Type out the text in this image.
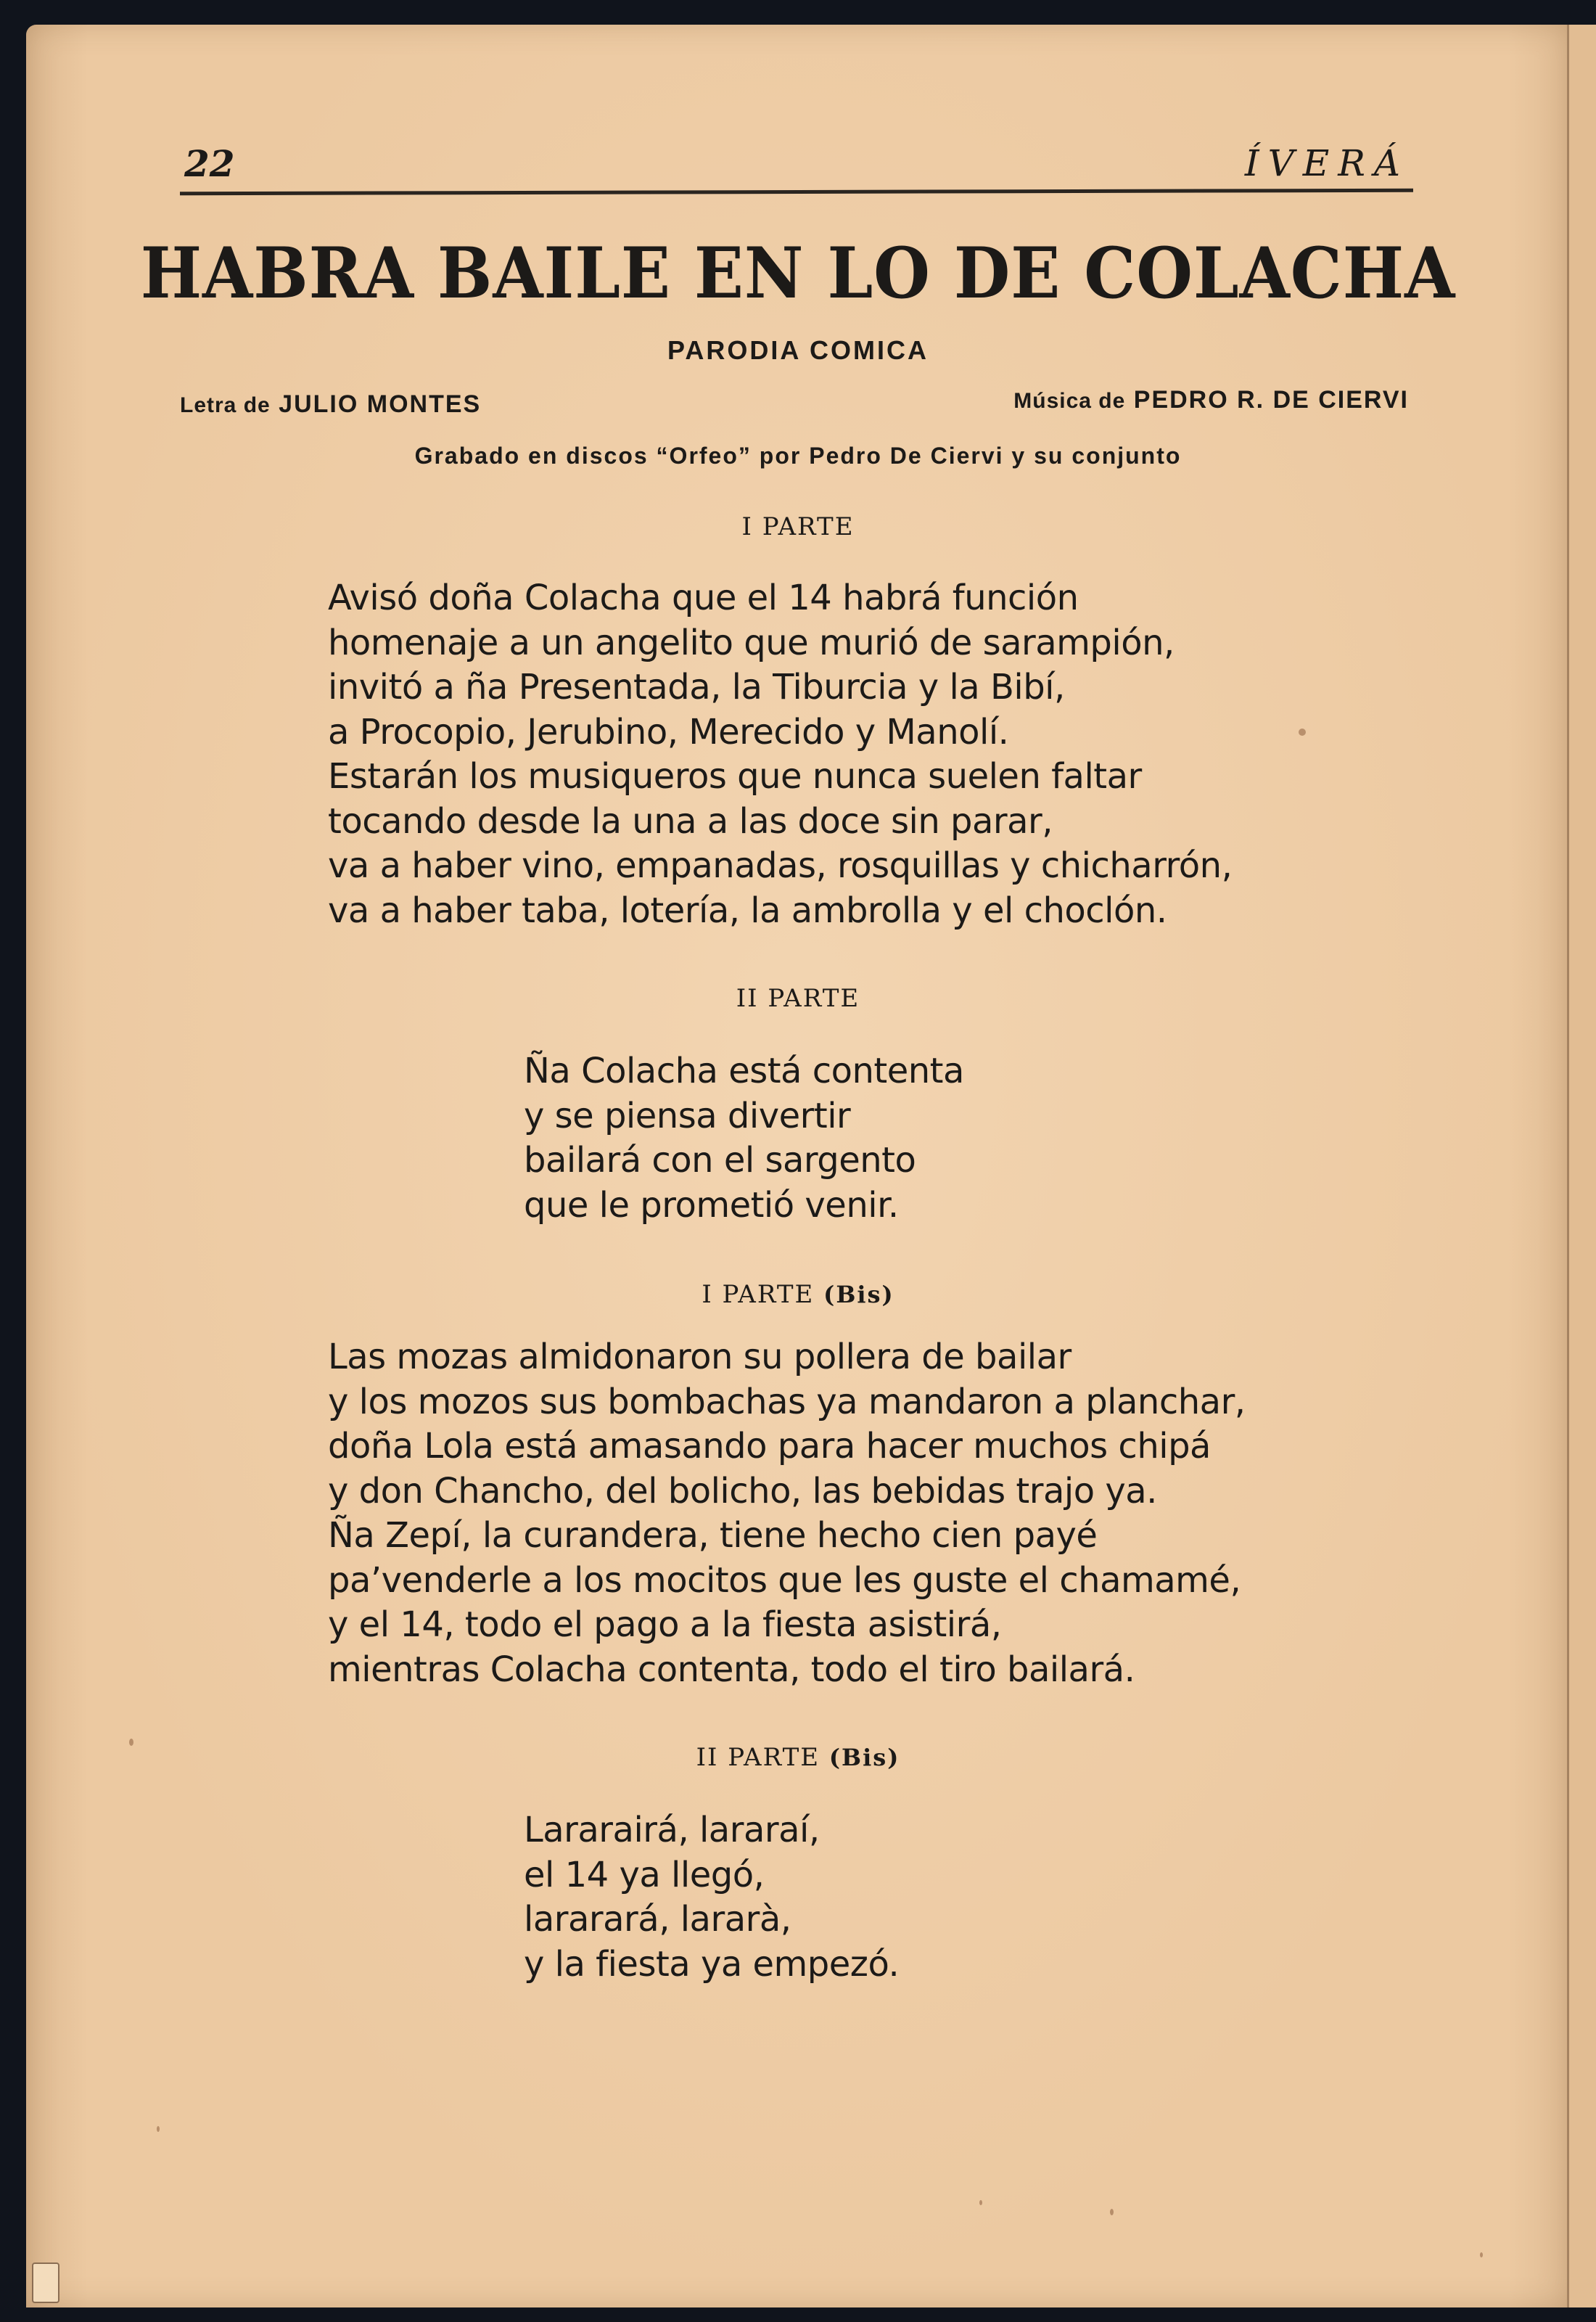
22	ÍVERÁ

HABRA BAILE EN LO DE COLACHA

PARODIA COMICA

Letra de JULIO MONTES	Música de PEDRO R. DE CIERVI

Grabado en discos “Orfeo” por Pedro De Ciervi y su conjunto

I PARTE

Avisó doña Colacha que el 14 habrá función
homenaje a un angelito que murió de sarampión,
invitó a ña Presentada, la Tiburcia y la Bibí,
a Procopio, Jerubino, Merecido y Manolí.
Estarán los musiqueros que nunca suelen faltar
tocando desde la una a las doce sin parar,
va a haber vino, empanadas, rosquillas y chicharrón,
va a haber taba, lotería, la ambrolla y el choclón.

II PARTE

Ña Colacha está contenta
y se piensa divertir
bailará con el sargento
que le prometió venir.

I PARTE (Bis)

Las mozas almidonaron su pollera de bailar
y los mozos sus bombachas ya mandaron a planchar,
doña Lola está amasando para hacer muchos chipá
y don Chancho, del bolicho, las bebidas trajo ya.
Ña Zepí, la curandera, tiene hecho cien payé
pa’venderle a los mocitos que les guste el chamamé,
y el 14, todo el pago a la fiesta asistirá,
mientras Colacha contenta, todo el tiro bailará.

II PARTE (Bis)

Lararairá, lararaí,
el 14 ya llegó,
lararará, lararà,
y la fiesta ya empezó.
